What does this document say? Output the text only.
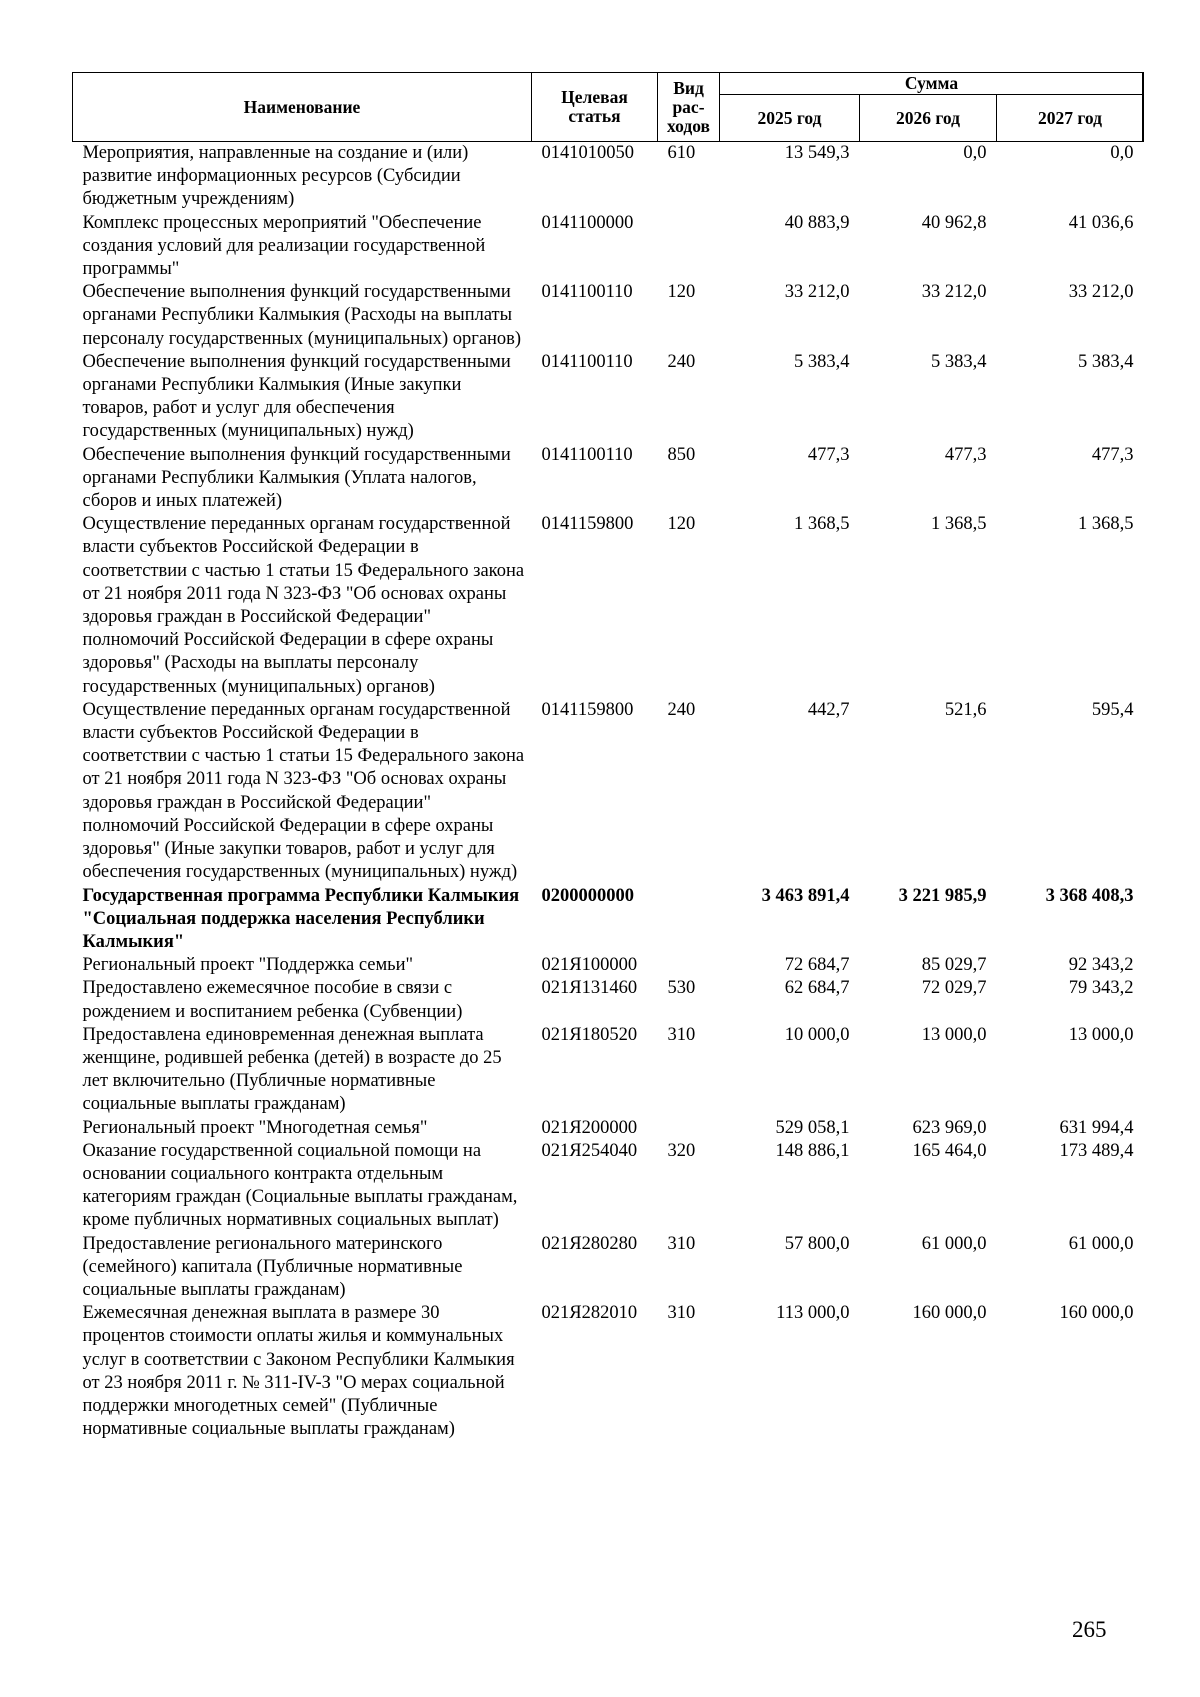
Наименование	Целевая статья	Вид рас-ходов	Сумма		
			2025 год	2026 год	2027 год
Мероприятия, направленные на создание и (или) развитие информационных ресурсов (Субсидии бюджетным учреждениям)	0141010050	610	13 549,3	0,0	0,0
Комплекс процессных мероприятий "Обеспечение создания условий для реализации государственной программы"	0141100000		40 883,9	40 962,8	41 036,6
Обеспечение выполнения функций государственными органами Республики Калмыкия (Расходы на выплаты персоналу государственных (муниципальных) органов)	0141100110	120	33 212,0	33 212,0	33 212,0
Обеспечение выполнения функций государственными органами Республики Калмыкия (Иные закупки товаров, работ и услуг для обеспечения государственных (муниципальных) нужд)	0141100110	240	5 383,4	5 383,4	5 383,4
Обеспечение выполнения функций государственными органами Республики Калмыкия (Уплата налогов, сборов и иных платежей)	0141100110	850	477,3	477,3	477,3
Осуществление переданных органам государственной власти субъектов Российской Федерации в соответствии с частью 1 статьи 15 Федерального закона от 21 ноября 2011 года N 323-ФЗ "Об основах охраны здоровья граждан в Российской Федерации" полномочий Российской Федерации в сфере охраны здоровья" (Расходы на выплаты персоналу государственных (муниципальных) органов)	0141159800	120	1 368,5	1 368,5	1 368,5
Осуществление переданных органам государственной власти субъектов Российской Федерации в соответствии с частью 1 статьи 15 Федерального закона от 21 ноября 2011 года N 323-ФЗ "Об основах охраны здоровья граждан в Российской Федерации" полномочий Российской Федерации в сфере охраны здоровья" (Иные закупки товаров, работ и услуг для обеспечения государственных (муниципальных) нужд)	0141159800	240	442,7	521,6	595,4
Государственная программа Республики Калмыкия "Социальная поддержка населения Республики Калмыкия"	0200000000		3 463 891,4	3 221 985,9	3 368 408,3
Региональный проект "Поддержка семьи"	021Я100000		72 684,7	85 029,7	92 343,2
Предоставлено ежемесячное пособие в связи с рождением и воспитанием ребенка (Субвенции)	021Я131460	530	62 684,7	72 029,7	79 343,2
Предоставлена единовременная денежная выплата женщине, родившей ребенка (детей) в возрасте до 25 лет включительно (Публичные нормативные социальные выплаты гражданам)	021Я180520	310	10 000,0	13 000,0	13 000,0
Региональный проект "Многодетная семья"	021Я200000		529 058,1	623 969,0	631 994,4
Оказание государственной социальной помощи на основании социального контракта отдельным категориям граждан (Социальные выплаты гражданам, кроме публичных нормативных социальных выплат)	021Я254040	320	148 886,1	165 464,0	173 489,4
Предоставление регионального материнского (семейного) капитала (Публичные нормативные социальные выплаты гражданам)	021Я280280	310	57 800,0	61 000,0	61 000,0
Ежемесячная денежная выплата в размере 30 процентов стоимости оплаты жилья и коммунальных услуг в соответствии с Законом Республики Калмыкия от 23 ноября 2011 г. № 311-IV-З "О мерах социальной поддержки многодетных семей" (Публичные нормативные социальные выплаты гражданам)	021Я282010	310	113 000,0	160 000,0	160 000,0
265
